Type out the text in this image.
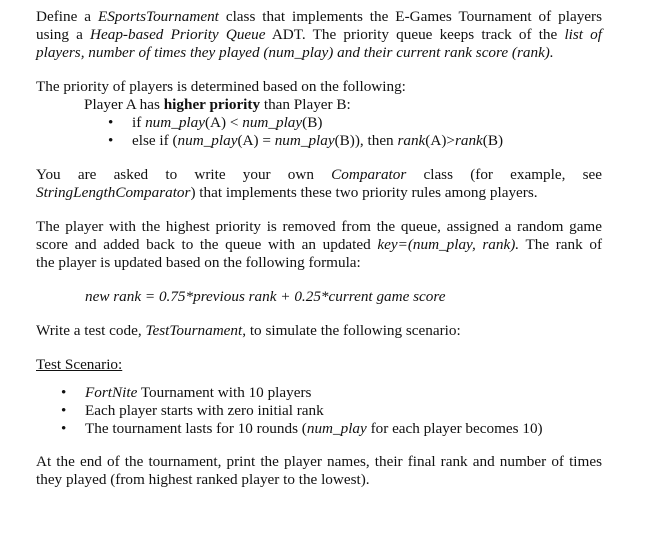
Define a ESportsTournament class that implements the E-Games Tournament of players

using a Heap-based Priority Queue ADT. The priority queue keeps track of the list of

players, number of times they played (num_play) and their current rank score (rank).

The priority of players is determined based on the following:

Player A has higher priority than Player B:

• if num_play(A) < num_play(B)
• else if (num_play(A) = num_play(B)), then rank(A)>rank(B)

You are asked to write your own Comparator class (for example, see

StringLengthComparator) that implements these two priority rules among players.

The player with the highest priority is removed from the queue, assigned a random game

score and added back to the queue with an updated key=(num_play, rank). The rank of

the player is updated based on the following formula:

new rank = 0.75*previous rank + 0.25*current game score

Write a test code, TestTournament, to simulate the following scenario:

Test Scenario:

• FortNite Tournament with 10 players
• Each player starts with zero initial rank
• The tournament lasts for 10 rounds (num_play for each player becomes 10)

At the end of the tournament, print the player names, their final rank and number of times

they played (from highest ranked player to the lowest).
